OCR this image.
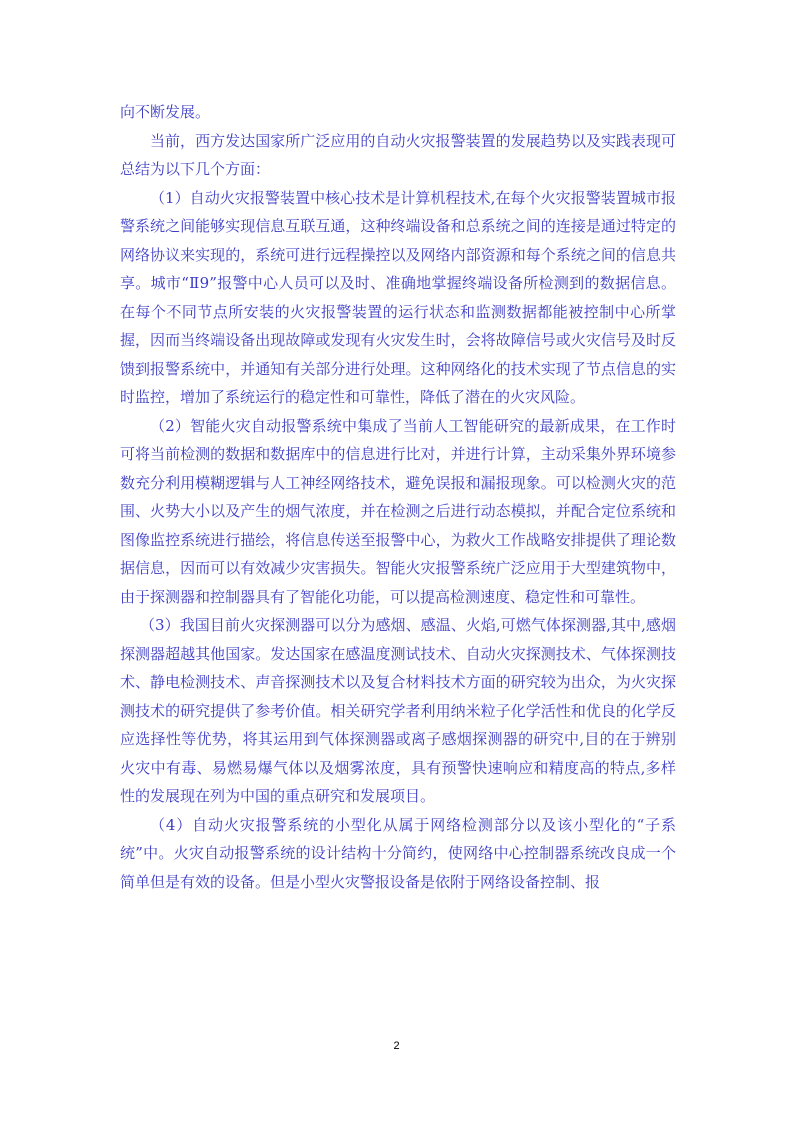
向不断发展。

当前，西方发达国家所广泛应用的自动火灾报警装置的发展趋势以及实践表现可总结为以下几个方面：

（1）自动火灾报警装置中核心技术是计算机程技术,在每个火灾报警装置城市报警系统之间能够实现信息互联互通，这种终端设备和总系统之间的连接是通过特定的网络协议来实现的，系统可进行远程操控以及网络内部资源和每个系统之间的信息共享。城市“Ⅱ9”报警中心人员可以及时、准确地掌握终端设备所检测到的数据信息。在每个不同节点所安装的火灾报警装置的运行状态和监测数据都能被控制中心所掌握，因而当终端设备出现故障或发现有火灾发生时，会将故障信号或火灾信号及时反馈到报警系统中，并通知有关部分进行处理。这种网络化的技术实现了节点信息的实时监控，增加了系统运行的稳定性和可靠性，降低了潜在的火灾风险。

（2）智能火灾自动报警系统中集成了当前人工智能研究的最新成果，在工作时可将当前检测的数据和数据库中的信息进行比对，并进行计算，主动采集外界环境参数充分利用模糊逻辑与人工神经网络技术，避免误报和漏报现象。可以检测火灾的范围、火势大小以及产生的烟气浓度，并在检测之后进行动态模拟，并配合定位系统和图像监控系统进行描绘，将信息传送至报警中心，为救火工作战略安排提供了理论数据信息，因而可以有效减少灾害损失。智能火灾报警系统广泛应用于大型建筑物中，由于探测器和控制器具有了智能化功能，可以提高检测速度、稳定性和可靠性。

（3）我国目前火灾探测器可以分为感烟、感温、火焰,可燃气体探测器,其中,感烟探测器超越其他国家。发达国家在感温度测试技术、自动火灾探测技术、气体探测技术、静电检测技术、声音探测技术以及复合材料技术方面的研究较为出众，为火灾探测技术的研究提供了参考价值。相关研究学者利用纳米粒子化学活性和优良的化学反应选择性等优势，将其运用到气体探测器或离子感烟探测器的研究中,目的在于辨别火灾中有毒、易燃易爆气体以及烟雾浓度，具有预警快速响应和精度高的特点,多样性的发展现在列为中国的重点研究和发展项目。

（4）自动火灾报警系统的小型化从属于网络检测部分以及该小型化的“子系统”中。火灾自动报警系统的设计结构十分简约，使网络中心控制器系统改良成一个简单但是有效的设备。但是小型火灾警报设备是依附于网络设备控制、报

2
